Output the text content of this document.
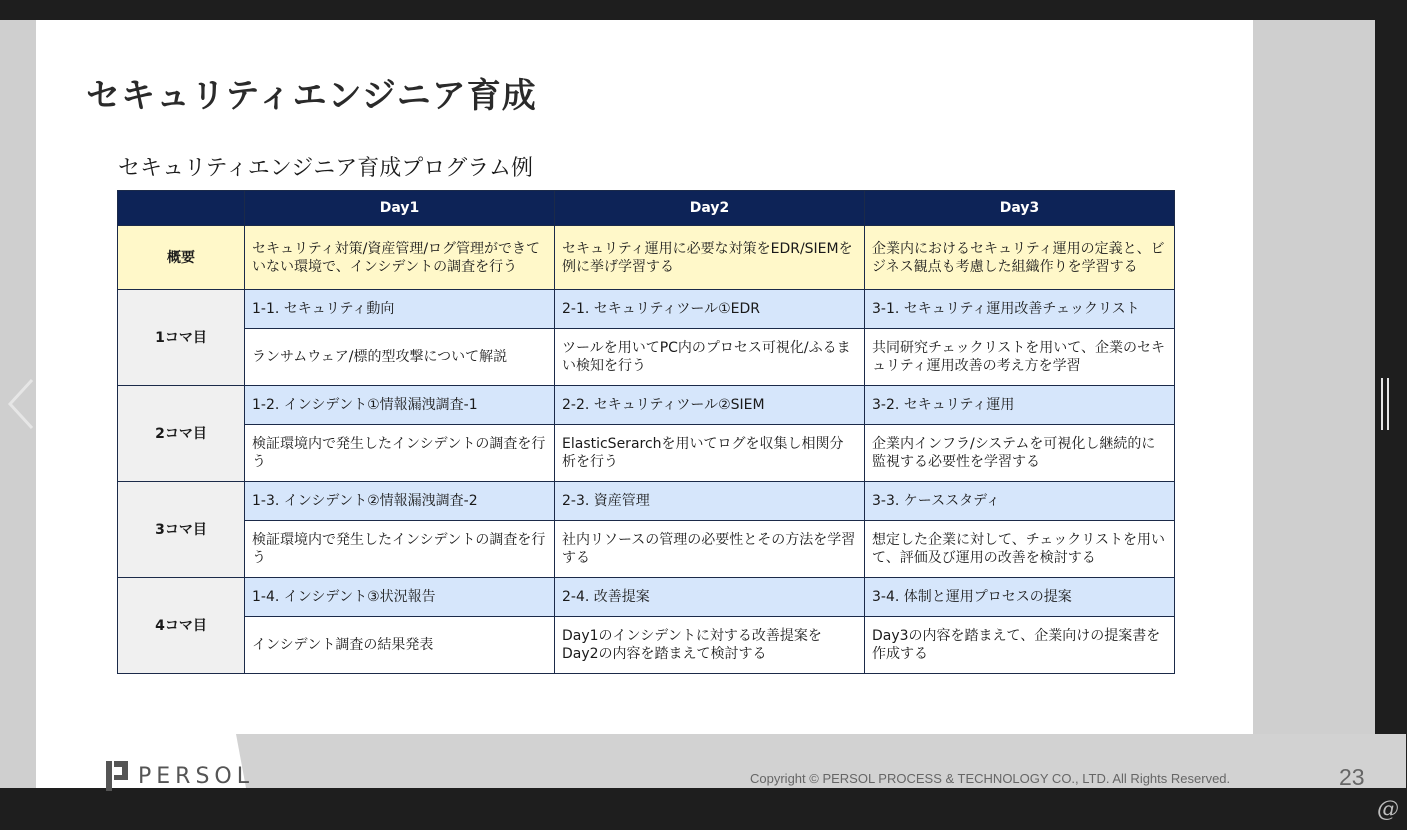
セキュリティエンジニア育成
セキュリティエンジニア育成プログラム例
	Day1	Day2	Day3
概要	セキュリティ対策/資産管理/ログ管理ができていない環境で、インシデントの調査を行う	セキュリティ運用に必要な対策をEDR/SIEMを例に挙げ学習する	企業内におけるセキュリティ運用の定義と、ビジネス観点も考慮した組織作りを学習する
1コマ目	1-1. セキュリティ動向	2-1. セキュリティツール①EDR	3-1. セキュリティ運用改善チェックリスト
	ランサムウェア/標的型攻撃について解説	ツールを用いてPC内のプロセス可視化/ふるまい検知を行う	共同研究チェックリストを用いて、企業のセキュリティ運用改善の考え方を学習
2コマ目	1-2. インシデント①情報漏洩調査-1	2-2. セキュリティツール②SIEM	3-2. セキュリティ運用
	検証環境内で発生したインシデントの調査を行う	ElasticSerarchを用いてログを収集し相関分析を行う	企業内インフラ/システムを可視化し継続的に監視する必要性を学習する
3コマ目	1-3. インシデント②情報漏洩調査-2	2-3. 資産管理	3-3. ケーススタディ
	検証環境内で発生したインシデントの調査を行う	社内リソースの管理の必要性とその方法を学習する	想定した企業に対して、チェックリストを用いて、評価及び運用の改善を検討する
4コマ目	1-4. インシデント③状況報告	2-4. 改善提案	3-4. 体制と運用プロセスの提案
	インシデント調査の結果発表	Day1のインシデントに対する改善提案をDay2の内容を踏まえて検討する	Day3の内容を踏まえて、企業向けの提案書を作成する
PERSOL	Copyright © PERSOL PROCESS & TECHNOLOGY CO., LTD. All Rights Reserved.	23
@
